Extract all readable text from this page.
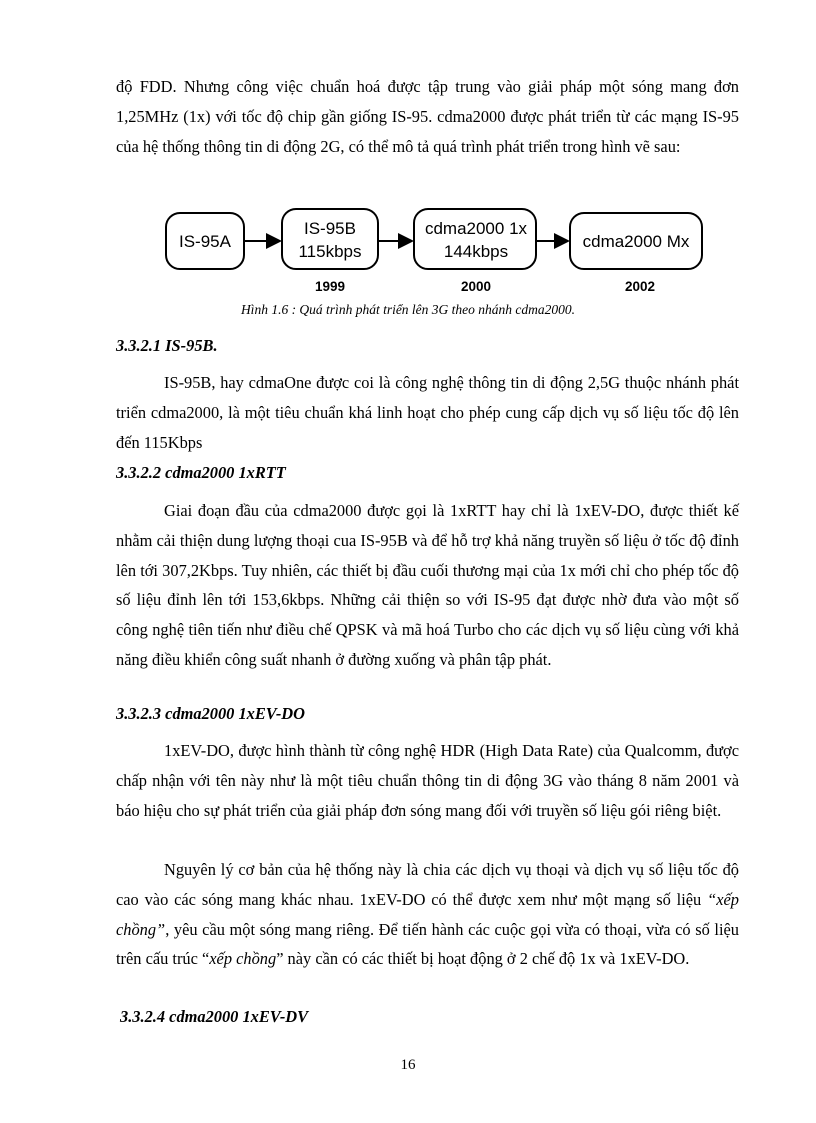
độ FDD. Nhưng công việc chuẩn hoá được tập trung vào giải pháp một sóng mang đơn 1,25MHz (1x) với tốc độ chip gần giống IS-95. cdma2000 được phát triển từ các mạng IS-95 của hệ thống thông tin di động 2G, có thể mô tả quá trình phát triển trong hình vẽ sau:

IS-95A
IS-95B
115kbps
cdma2000 1x
144kbps
cdma2000 Mx
1999	2000	2002
Hình 1.6 : Quá trình phát triển lên 3G theo nhánh cdma2000.

3.3.2.1 IS-95B.

IS-95B, hay cdmaOne được coi là công nghệ thông tin di động 2,5G thuộc nhánh phát triển cdma2000, là một tiêu chuẩn khá linh hoạt cho phép cung cấp dịch vụ số liệu tốc độ lên đến 115Kbps

3.3.2.2 cdma2000 1xRTT

Giai đoạn đầu của cdma2000 được gọi là 1xRTT hay chỉ là 1xEV-DO, được thiết kế nhằm cải thiện dung lượng thoại cua IS-95B và để hỗ trợ khả năng truyền số liệu ở tốc độ đỉnh lên tới 307,2Kbps. Tuy nhiên, các thiết bị đầu cuối thương mại của 1x mới chỉ cho phép tốc độ số liệu đỉnh lên tới 153,6kbps. Những cải thiện so với IS-95 đạt được nhờ đưa vào một số công nghệ tiên tiến như điều chế QPSK và mã hoá Turbo cho các dịch vụ số liệu cùng với khả năng điều khiển công suất nhanh ở đường xuống và phân tập phát.

3.3.2.3 cdma2000 1xEV-DO

1xEV-DO, được hình thành từ công nghệ HDR (High Data Rate) của Qualcomm, được chấp nhận với tên này như là một tiêu chuẩn thông tin di động 3G vào tháng 8 năm 2001 và báo hiệu cho sự phát triển của giải pháp đơn sóng mang đối với truyền số liệu gói riêng biệt.

Nguyên lý cơ bản của hệ thống này là chia các dịch vụ thoại và dịch vụ số liệu tốc độ cao vào các sóng mang khác nhau. 1xEV-DO có thể được xem như một mạng số liệu “xếp chồng”, yêu cầu một sóng mang riêng. Để tiến hành các cuộc gọi vừa có thoại, vừa có số liệu trên cấu trúc “xếp chồng” này cần có các thiết bị hoạt động ở 2 chế độ 1x và 1xEV-DO.

3.3.2.4 cdma2000 1xEV-DV

16
